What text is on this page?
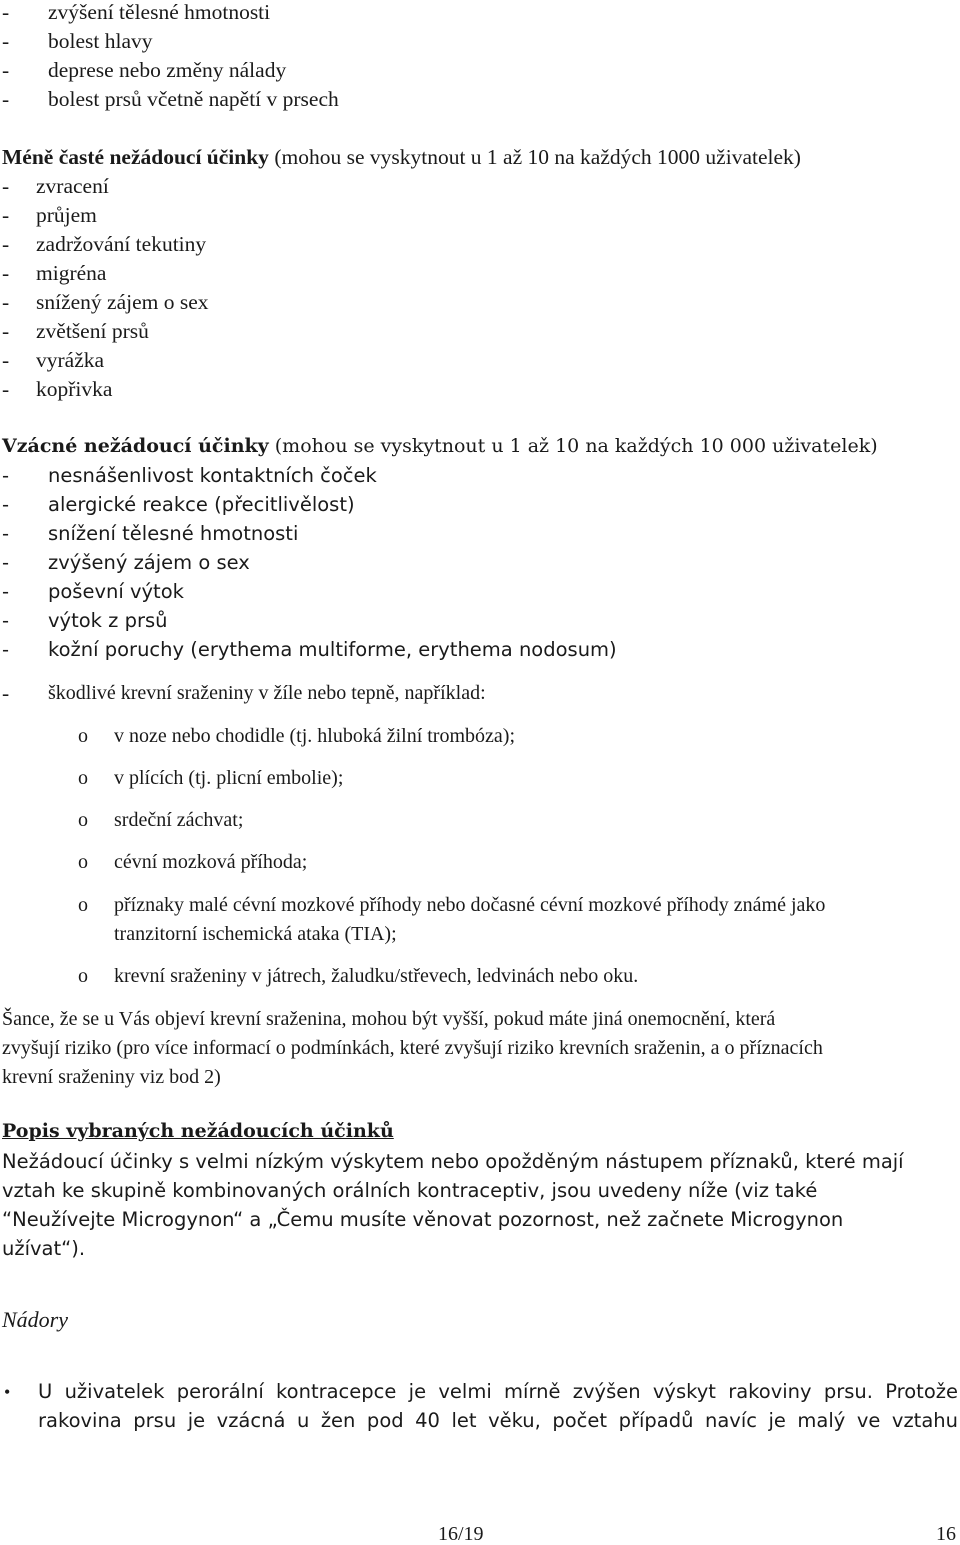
- zvýšení tělesné hmotnosti
- bolest hlavy
- deprese nebo změny nálady
- bolest prsů včetně napětí v prsech
Méně časté nežádoucí účinky (mohou se vyskytnout u 1 až 10 na každých 1000 uživatelek)
- zvracení
- průjem
- zadržování tekutiny
- migréna
- snížený zájem o sex
- zvětšení prsů
- vyrážka
- kopřivka
Vzácné nežádoucí účinky (mohou se vyskytnout u 1 až 10 na každých 10 000 uživatelek)
- nesnášenlivost kontaktních čoček
- alergické reakce (přecitlivělost)
- snížení tělesné hmotnosti
- zvýšený zájem o sex
- poševní výtok
- výtok z prsů
- kožní poruchy (erythema multiforme, erythema nodosum)
- škodlivé krevní sraženiny v žíle nebo tepně, například:
o v noze nebo chodidle (tj. hluboká žilní trombóza);
o v plících (tj. plicní embolie);
o srdeční záchvat;
o cévní mozková příhoda;
o příznaky malé cévní mozkové příhody nebo dočasné cévní mozkové příhody známé jako
tranzitorní ischemická ataka (TIA);
o krevní sraženiny v játrech, žaludku/střevech, ledvinách nebo oku.
Šance, že se u Vás objeví krevní sraženina, mohou být vyšší, pokud máte jiná onemocnění, která
zvyšují riziko (pro více informací o podmínkách, které zvyšují riziko krevních sraženin, a o příznacích
krevní sraženiny viz bod 2)
Popis vybraných nežádoucích účinků
Nežádoucí účinky s velmi nízkým výskytem nebo opožděným nástupem příznaků, které mají
vztah ke skupině kombinovaných orálních kontraceptiv, jsou uvedeny níže (viz také
“Neužívejte Microgynon“ a „Čemu musíte věnovat pozornost, než začnete Microgynon
užívat“).
Nádory
• U uživatelek perorální kontracepce je velmi mírně zvýšen výskyt rakoviny prsu. Protože
rakovina prsu je vzácná u žen pod 40 let věku, počet případů navíc je malý ve vztahu
16/19	16
